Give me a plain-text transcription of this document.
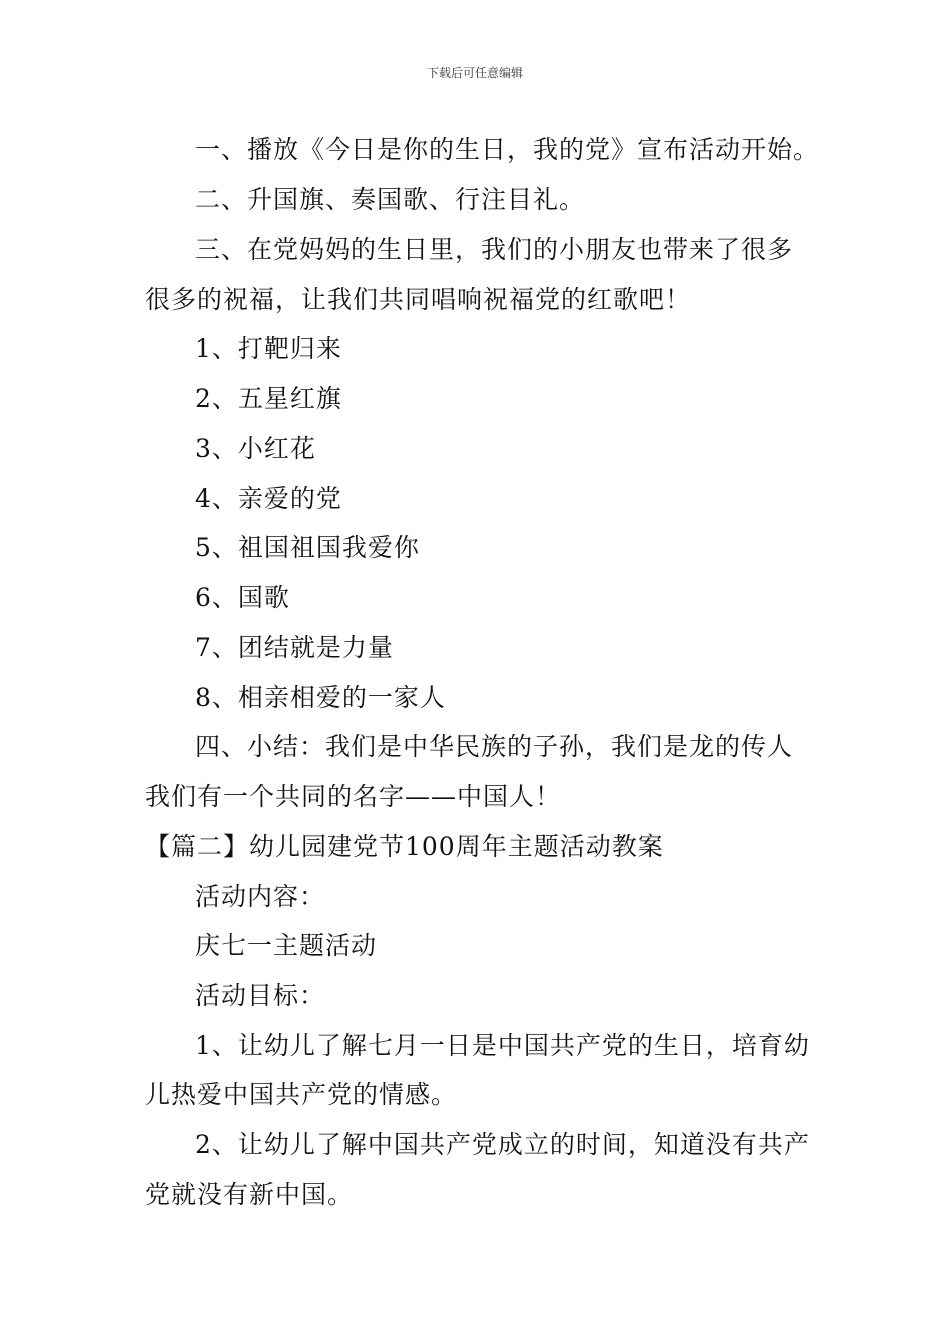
下载后可任意编辑
一、播放《今日是你的生日，我的党》宣布活动开始。
二、升国旗、奏国歌、行注目礼。
三、在党妈妈的生日里，我们的小朋友也带来了很多
很多的祝福，让我们共同唱响祝福党的红歌吧！
1、打靶归来
2、五星红旗
3、小红花
4、亲爱的党
5、祖国祖国我爱你
6、国歌
7、团结就是力量
8、相亲相爱的一家人
四、小结：我们是中华民族的子孙，我们是龙的传人
我们有一个共同的名字——中国人！
【篇二】幼儿园建党节100周年主题活动教案
活动内容：
庆七一主题活动
活动目标：
1、让幼儿了解七月一日是中国共产党的生日，培育幼
儿热爱中国共产党的情感。
2、让幼儿了解中国共产党成立的时间，知道没有共产
党就没有新中国。
